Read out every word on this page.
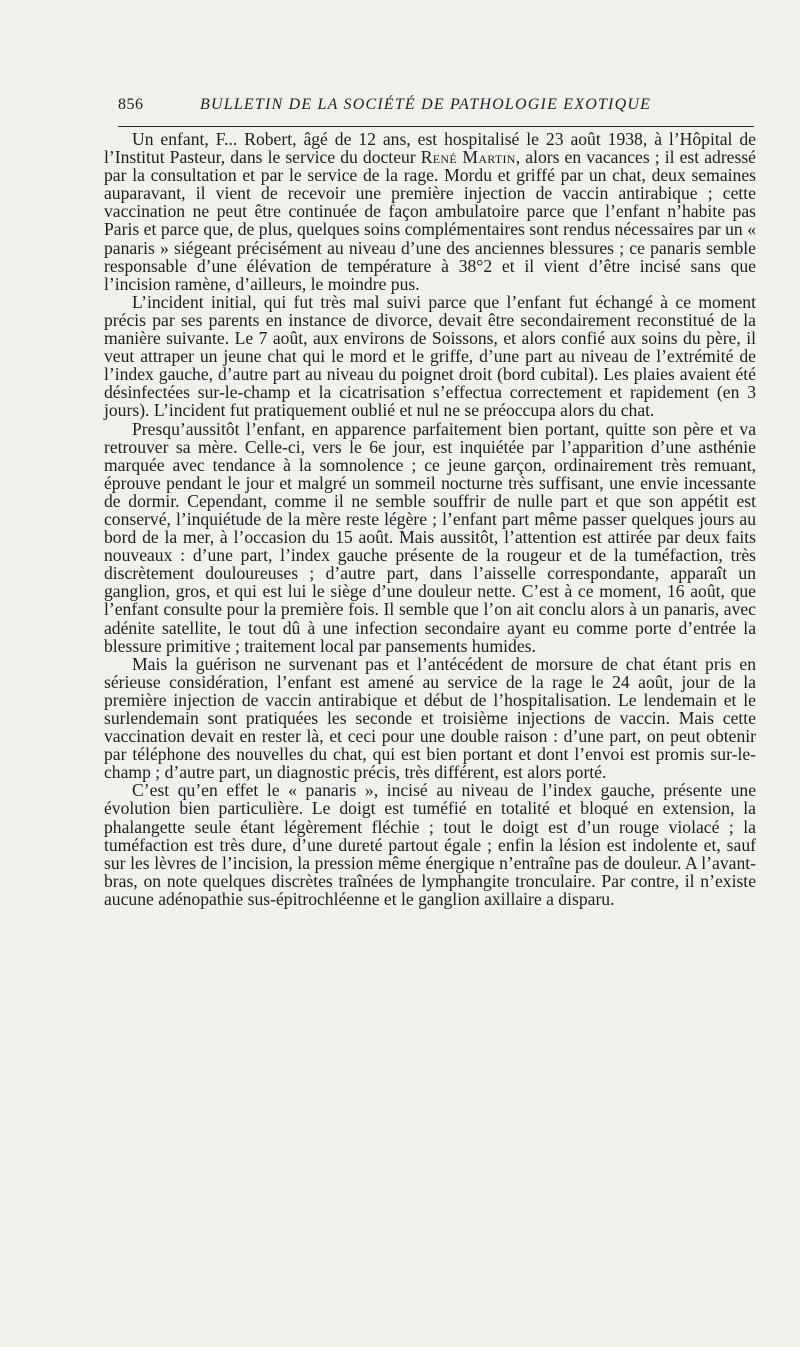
856	BULLETIN DE LA SOCIÉTÉ DE PATHOLOGIE EXOTIQUE

Un enfant, F... Robert, âgé de 12 ans, est hospitalisé le 23 août 1938, à l’Hôpital de l’Institut Pasteur, dans le service du docteur René Martin, alors en vacances ; il est adressé par la consultation et par le service de la rage. Mordu et griffé par un chat, deux semaines auparavant, il vient de recevoir une première injection de vaccin antirabique ; cette vaccination ne peut être continuée de façon ambulatoire parce que l’enfant n’habite pas Paris et parce que, de plus, quelques soins complémentaires sont rendus nécessaires par un « panaris » siégeant précisément au niveau d’une des anciennes blessures ; ce panaris semble responsable d’une élévation de température à 38°2 et il vient d’être incisé sans que l’incision ramène, d’ailleurs, le moindre pus.

L’incident initial, qui fut très mal suivi parce que l’enfant fut échangé à ce moment précis par ses parents en instance de divorce, devait être secondairement reconstitué de la manière suivante. Le 7 août, aux environs de Soissons, et alors confié aux soins du père, il veut attraper un jeune chat qui le mord et le griffe, d’une part au niveau de l’extrémité de l’index gauche, d’autre part au niveau du poignet droit (bord cubital). Les plaies avaient été désinfectées sur-le-champ et la cicatrisation s’effectua correctement et rapidement (en 3 jours). L’incident fut pratiquement oublié et nul ne se préoccupa alors du chat.

Presqu’aussitôt l’enfant, en apparence parfaitement bien portant, quitte son père et va retrouver sa mère. Celle-ci, vers le 6e jour, est inquiétée par l’apparition d’une asthénie marquée avec tendance à la somnolence ; ce jeune garçon, ordinairement très remuant, éprouve pendant le jour et malgré un sommeil nocturne très suffisant, une envie incessante de dormir. Cependant, comme il ne semble souffrir de nulle part et que son appétit est conservé, l’inquiétude de la mère reste légère ; l’enfant part même passer quelques jours au bord de la mer, à l’occasion du 15 août. Mais aussitôt, l’attention est attirée par deux faits nouveaux : d’une part, l’index gauche présente de la rougeur et de la tuméfaction, très discrètement douloureuses ; d’autre part, dans l’aisselle correspondante, apparaît un ganglion, gros, et qui est lui le siège d’une douleur nette. C’est à ce moment, 16 août, que l’enfant consulte pour la première fois. Il semble que l’on ait conclu alors à un panaris, avec adénite satellite, le tout dû à une infection secondaire ayant eu comme porte d’entrée la blessure primitive ; traitement local par pansements humides.

Mais la guérison ne survenant pas et l’antécédent de morsure de chat étant pris en sérieuse considération, l’enfant est amené au service de la rage le 24 août, jour de la première injection de vaccin antirabique et début de l’hospitalisation. Le lendemain et le surlendemain sont pratiquées les seconde et troisième injections de vaccin. Mais cette vaccination devait en rester là, et ceci pour une double raison : d’une part, on peut obtenir par téléphone des nouvelles du chat, qui est bien portant et dont l’envoi est promis sur-le-champ ; d’autre part, un diagnostic précis, très différent, est alors porté.

C’est qu’en effet le « panaris », incisé au niveau de l’index gauche, présente une évolution bien particulière. Le doigt est tuméfié en totalité et bloqué en extension, la phalangette seule étant légèrement fléchie ; tout le doigt est d’un rouge violacé ; la tuméfaction est très dure, d’une dureté partout égale ; enfin la lésion est indolente et, sauf sur les lèvres de l’incision, la pression même énergique n’entraîne pas de douleur. A l’avant-bras, on note quelques discrètes traînées de lymphangite tronculaire. Par contre, il n’existe aucune adénopathie sus-épitrochléenne et le ganglion axillaire a disparu.
